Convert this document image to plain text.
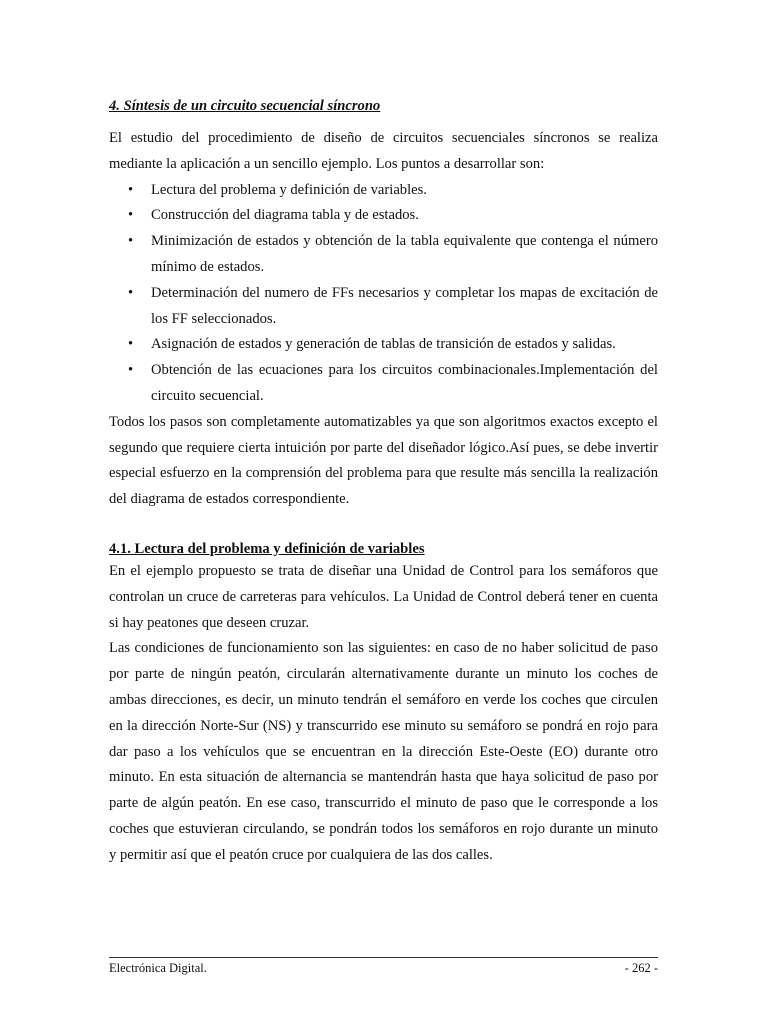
4. Síntesis de un circuito secuencial síncrono

El estudio del procedimiento de diseño de circuitos secuenciales síncronos se realiza mediante la aplicación a un sencillo ejemplo. Los puntos a desarrollar son:

• Lectura del problema y definición de variables.
• Construcción del diagrama tabla y de estados.
• Minimización de estados y obtención de la tabla equivalente que contenga el número mínimo de estados.
• Determinación del numero de FFs necesarios y completar los mapas de excitación de los FF seleccionados.
• Asignación de estados y generación de tablas de transición de estados y salidas.
• Obtención de las ecuaciones para los circuitos combinacionales.Implementación del circuito secuencial.

Todos los pasos son completamente automatizables ya que son algoritmos exactos excepto el segundo que requiere cierta intuición por parte del diseñador lógico.Así pues, se debe invertir especial esfuerzo en la comprensión del problema para que resulte más sencilla la realización del diagrama de estados correspondiente.

4.1. Lectura del problema y definición de variables

En el ejemplo propuesto se trata de diseñar una Unidad de Control para los semáforos que controlan un cruce de carreteras para vehículos. La Unidad de Control deberá tener en cuenta si hay peatones que deseen cruzar.

Las condiciones de funcionamiento son las siguientes: en caso de no haber solicitud de paso por parte de ningún peatón, circularán alternativamente durante un minuto los coches de ambas direcciones, es decir, un minuto tendrán el semáforo en verde los coches que circulen en la dirección Norte-Sur (NS) y transcurrido ese minuto su semáforo se pondrá en rojo para dar paso a los vehículos que se encuentran en la dirección Este-Oeste (EO) durante otro minuto. En esta situación de alternancia se mantendrán hasta que haya solicitud de paso por parte de algún peatón. En ese caso, transcurrido el minuto de paso que le corresponde a los coches que estuvieran circulando, se pondrán todos los semáforos en rojo durante un minuto y permitir así que el peatón cruce por cualquiera de las dos calles.

Electrónica Digital.	- 262 -
